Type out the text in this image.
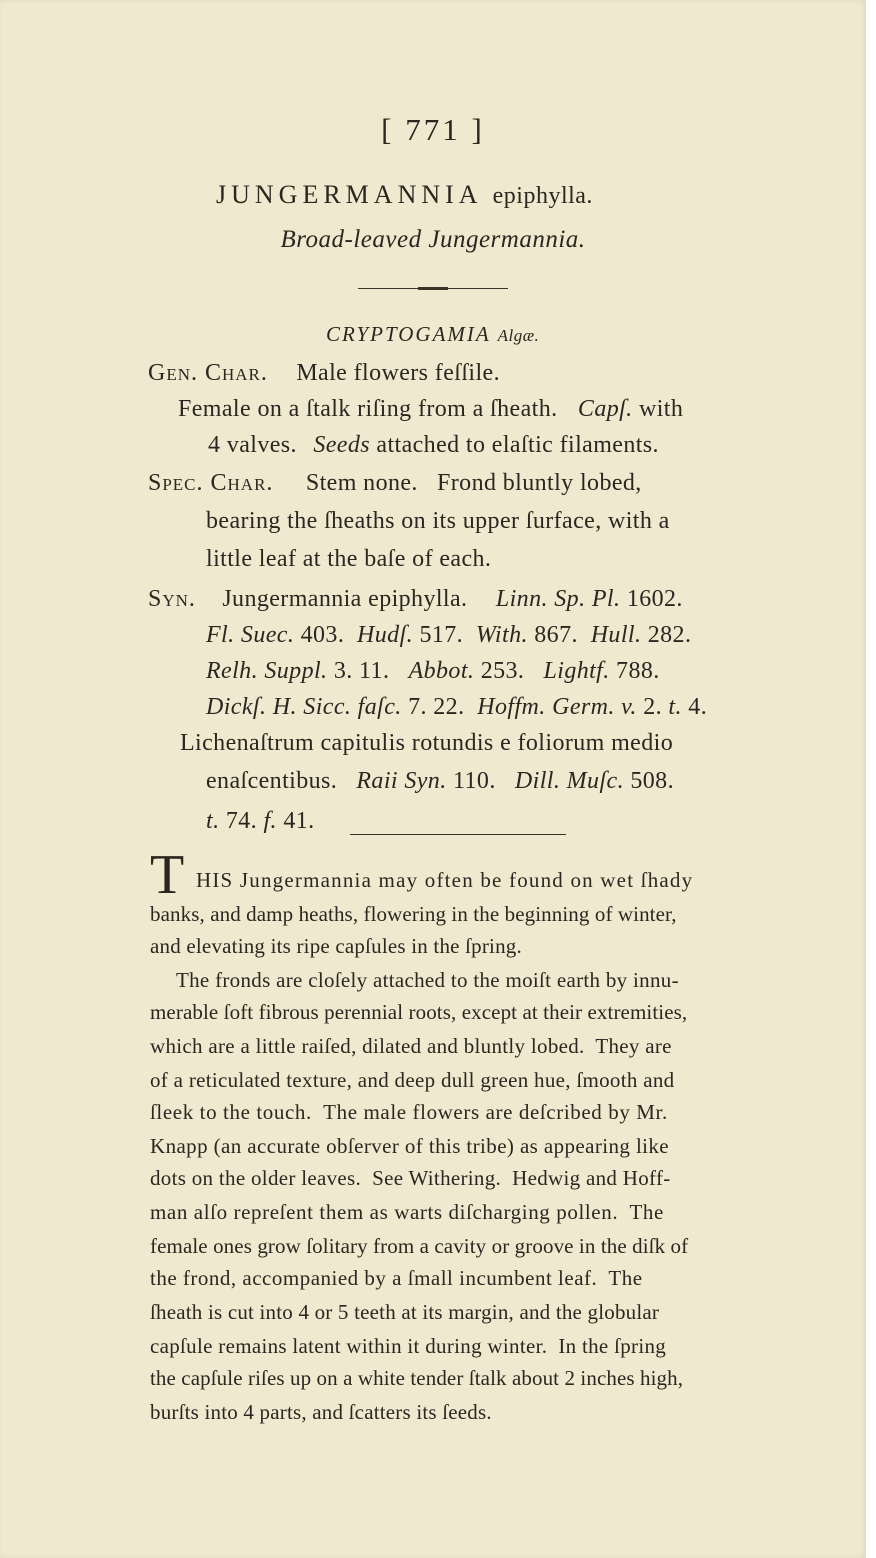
[ 771 ]
JUNGERMANNIA epiphylla.
Broad-leaved Jungermannia.
CRYPTOGAMIA Algæ.
Gen. Char. Male flowers feſſile.
Female on a ſtalk riſing from a ſheath. Capſ. with
4 valves. Seeds attached to elaſtic filaments.
Spec. Char. Stem none.   Frond bluntly lobed,
bearing the ſheaths on its upper ſurface, with a
little leaf at the baſe of each.
Syn. Jungermannia epiphylla. Linn. Sp. Pl. 1602.
Fl. Suec. 403.  Hudſ. 517.  With. 867.  Hull. 282.
Relh. Suppl. 3. 11.   Abbot. 253.   Lightf. 788.
Dickſ. H. Sicc. faſc. 7. 22.  Hoffm. Germ. v. 2. t. 4.
Lichenaſtrum capitulis rotundis e foliorum medio
enaſcentibus.   Raii Syn. 110.   Dill. Muſc. 508.
t. 74. f. 41.
T HIS Jungermannia may often be found on wet ſhady
banks, and damp heaths, flowering in the beginning of winter,
and elevating its ripe capſules in the ſpring.
The fronds are cloſely attached to the moiſt earth by innu-
merable ſoft fibrous perennial roots, except at their extremities,
which are a little raiſed, dilated and bluntly lobed.  They are
of a reticulated texture, and deep dull green hue, ſmooth and
ſleek to the touch.  The male flowers are deſcribed by Mr.
Knapp (an accurate obſerver of this tribe) as appearing like
dots on the older leaves.  See Withering.  Hedwig and Hoff-
man alſo repreſent them as warts diſcharging pollen.  The
female ones grow ſolitary from a cavity or groove in the diſk of
the frond, accompanied by a ſmall incumbent leaf.  The
ſheath is cut into 4 or 5 teeth at its margin, and the globular
capſule remains latent within it during winter.  In the ſpring
the capſule riſes up on a white tender ſtalk about 2 inches high,
burſts into 4 parts, and ſcatters its ſeeds.
